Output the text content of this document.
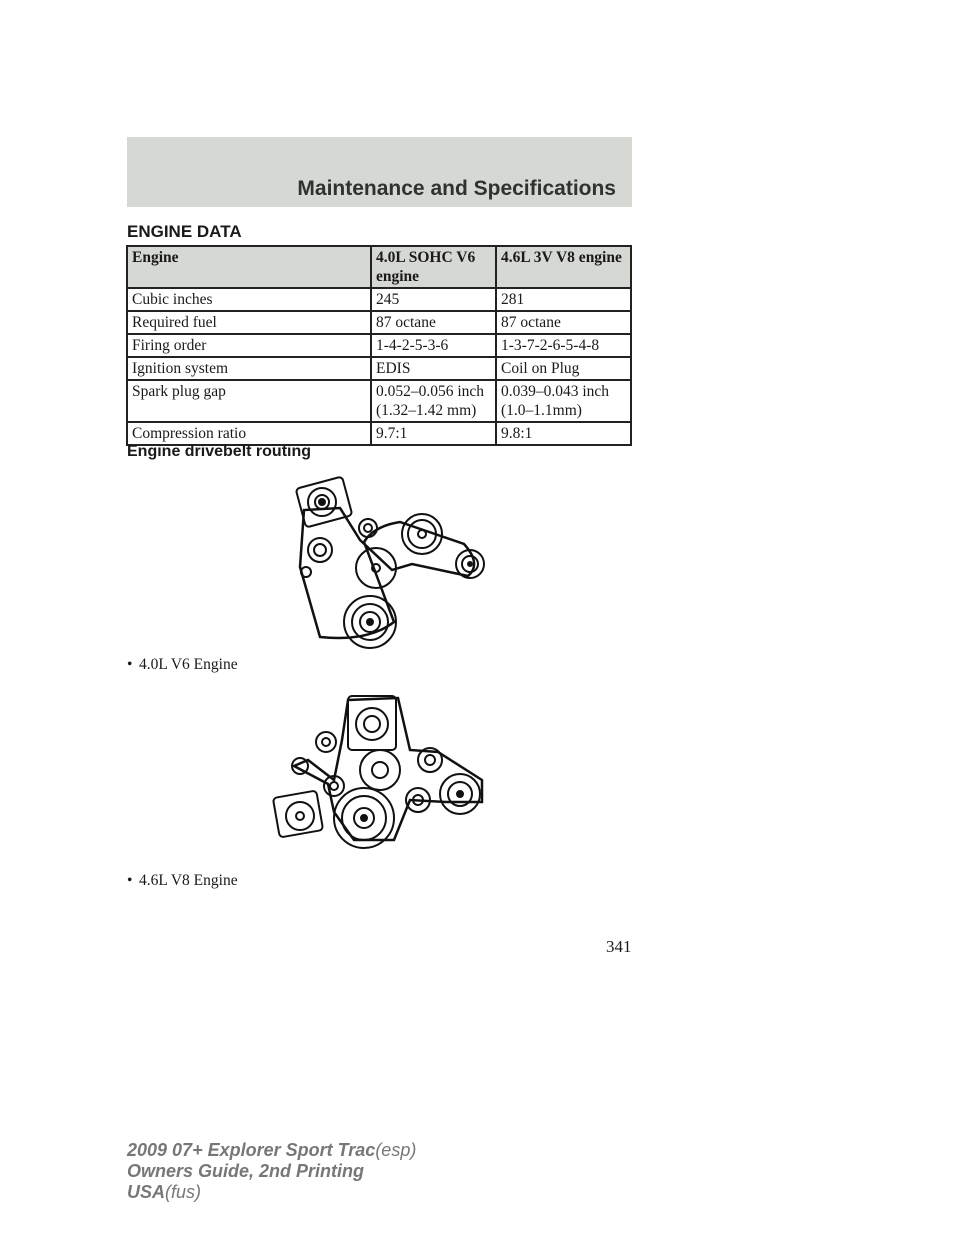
Maintenance and Specifications
ENGINE DATA
Engine	4.0L SOHC V6 engine	4.6L 3V V8 engine
Cubic inches	245	281
Required fuel	87 octane	87 octane
Firing order	1-4-2-5-3-6	1-3-7-2-6-5-4-8
Ignition system	EDIS	Coil on Plug
Spark plug gap	0.052–0.056 inch (1.32–1.42 mm)	0.039–0.043 inch (1.0–1.1mm)
Compression ratio	9.7:1	9.8:1
Engine drivebelt routing
• 4.0L V6 Engine
• 4.6L V8 Engine
341
2009 07+ Explorer Sport Trac(esp)
Owners Guide, 2nd Printing
USA(fus)
